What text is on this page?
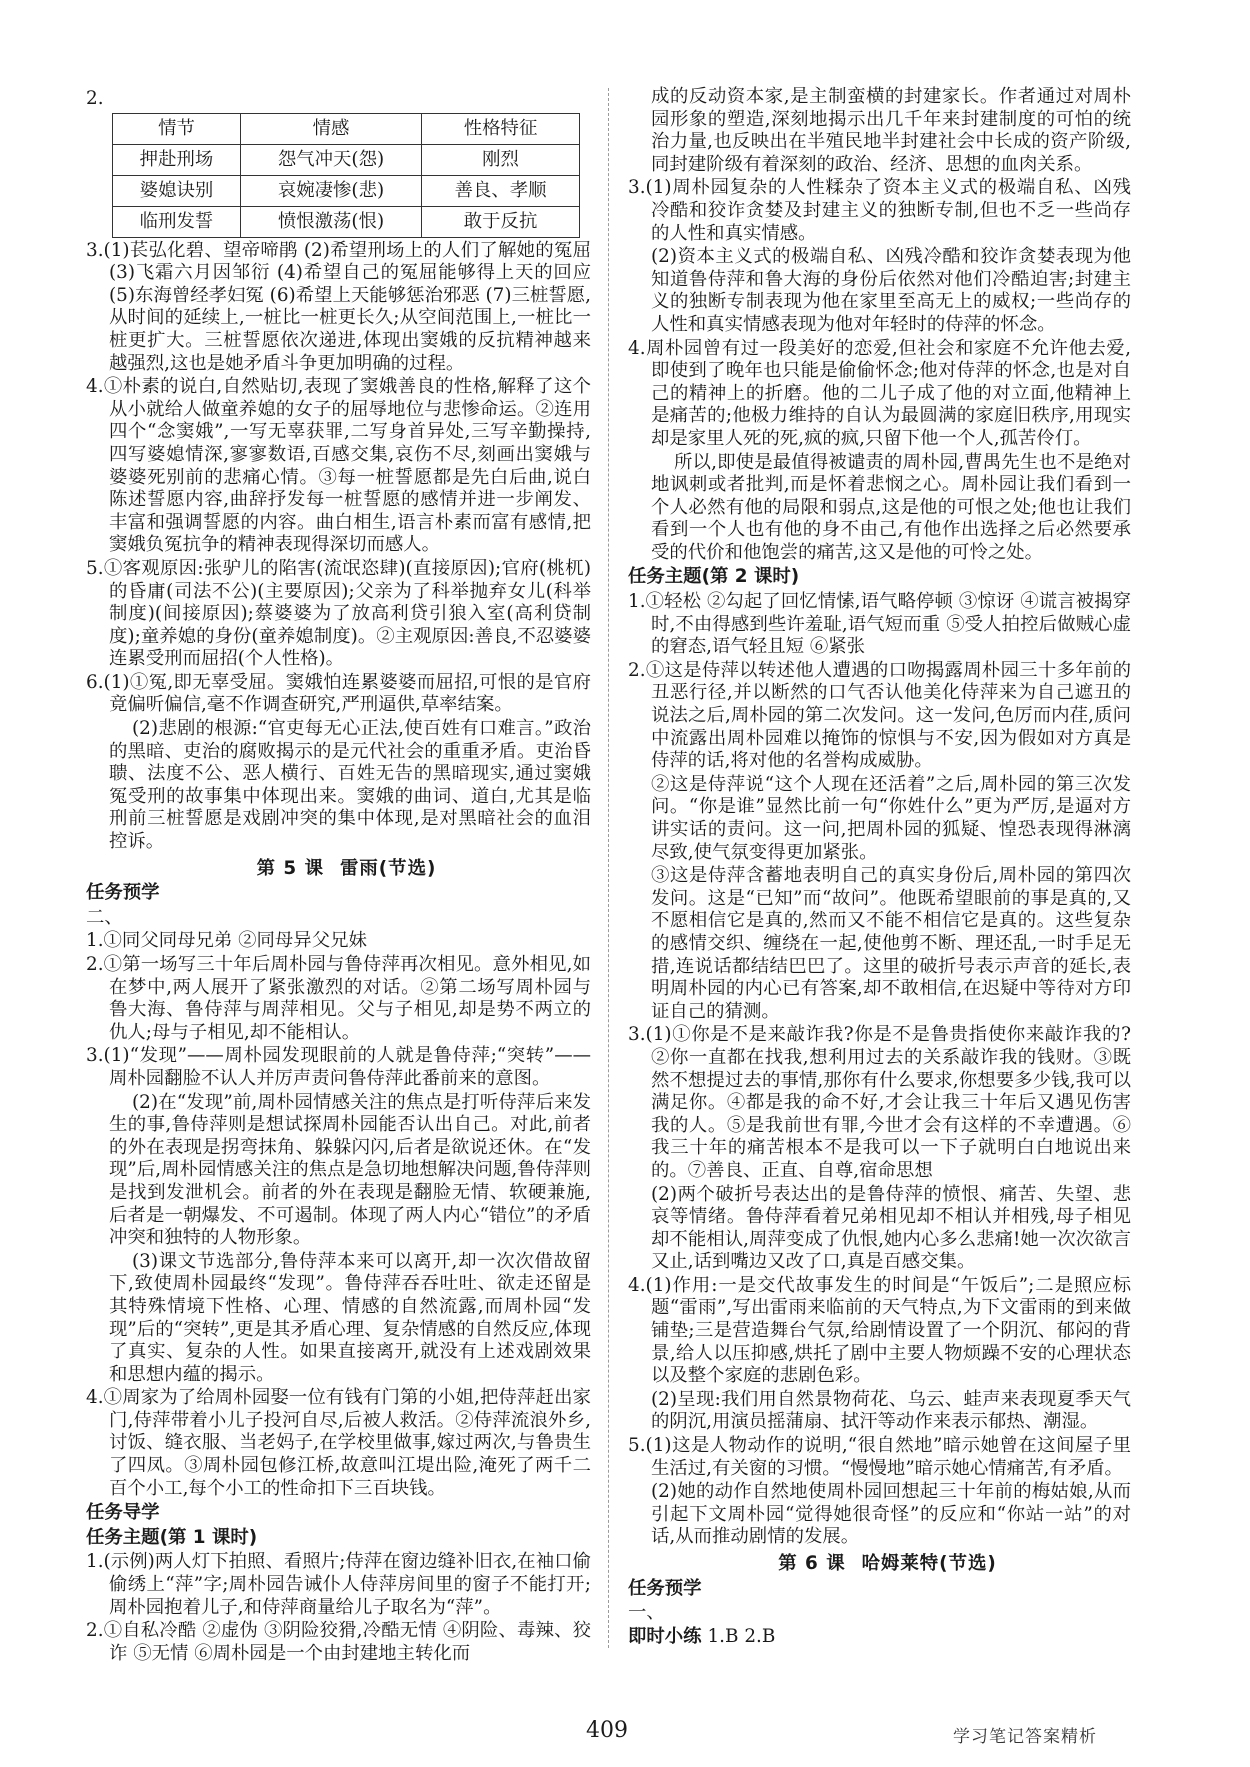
2.
情节	情感	性格特征
押赴刑场	怨气冲天(怨)	刚烈
婆媳诀别	哀婉凄惨(悲)	善良、孝顺
临刑发誓	愤恨激荡(恨)	敢于反抗
3.(1)苌弘化碧、望帝啼鹃 (2)希望刑场上的人们了解她的冤屈 (3)飞霜六月因邹衍 (4)希望自己的冤屈能够得上天的回应 (5)东海曾经孝妇冤 (6)希望上天能够惩治邪恶 (7)三桩誓愿,从时间的延续上,一桩比一桩更长久;从空间范围上,一桩比一桩更扩大。三桩誓愿依次递进,体现出窦娥的反抗精神越来越强烈,这也是她矛盾斗争更加明确的过程。
4.①朴素的说白,自然贴切,表现了窦娥善良的性格,解释了这个从小就给人做童养媳的女子的屈辱地位与悲惨命运。②连用四个“念窦娥”,一写无辜获罪,二写身首异处,三写辛勤操持,四写婆媳情深,寥寥数语,百感交集,哀伤不尽,刻画出窦娥与婆婆死别前的悲痛心情。③每一桩誓愿都是先白后曲,说白陈述誓愿内容,曲辞抒发每一桩誓愿的感情并进一步阐发、丰富和强调誓愿的内容。曲白相生,语言朴素而富有感情,把窦娥负冤抗争的精神表现得深切而感人。
5.①客观原因:张驴儿的陷害(流氓恣肆)(直接原因);官府(桃杌)的昏庸(司法不公)(主要原因);父亲为了科举抛弃女儿(科举制度)(间接原因);蔡婆婆为了放高利贷引狼入室(高利贷制度);童养媳的身份(童养媳制度)。②主观原因:善良,不忍婆婆连累受刑而屈招(个人性格)。
6.(1)①冤,即无辜受屈。窦娥怕连累婆婆而屈招,可恨的是官府竟偏听偏信,毫不作调查研究,严刑逼供,草率结案。
(2)悲剧的根源:“官吏每无心正法,使百姓有口难言。”政治的黑暗、吏治的腐败揭示的是元代社会的重重矛盾。吏治昏聩、法度不公、恶人横行、百姓无告的黑暗现实,通过窦娥冤受刑的故事集中体现出来。窦娥的曲词、道白,尤其是临刑前三桩誓愿是戏剧冲突的集中体现,是对黑暗社会的血泪控诉。
第 5 课 雷雨(节选)
任务预学
二、
1.①同父同母兄弟 ②同母异父兄妹
2.①第一场写三十年后周朴园与鲁侍萍再次相见。意外相见,如在梦中,两人展开了紧张激烈的对话。②第二场写周朴园与鲁大海、鲁侍萍与周萍相见。父与子相见,却是势不两立的仇人;母与子相见,却不能相认。
3.(1)“发现”——周朴园发现眼前的人就是鲁侍萍;“突转”——周朴园翻脸不认人并厉声责问鲁侍萍此番前来的意图。
(2)在“发现”前,周朴园情感关注的焦点是打听侍萍后来发生的事,鲁侍萍则是想试探周朴园能否认出自己。对此,前者的外在表现是拐弯抹角、躲躲闪闪,后者是欲说还休。在“发现”后,周朴园情感关注的焦点是急切地想解决问题,鲁侍萍则是找到发泄机会。前者的外在表现是翻脸无情、软硬兼施,后者是一朝爆发、不可遏制。体现了两人内心“错位”的矛盾冲突和独特的人物形象。
(3)课文节选部分,鲁侍萍本来可以离开,却一次次借故留下,致使周朴园最终“发现”。鲁侍萍吞吞吐吐、欲走还留是其特殊情境下性格、心理、情感的自然流露,而周朴园“发现”后的“突转”,更是其矛盾心理、复杂情感的自然反应,体现了真实、复杂的人性。如果直接离开,就没有上述戏剧效果和思想内蕴的揭示。
4.①周家为了给周朴园娶一位有钱有门第的小姐,把侍萍赶出家门,侍萍带着小儿子投河自尽,后被人救活。②侍萍流浪外乡,讨饭、缝衣服、当老妈子,在学校里做事,嫁过两次,与鲁贵生了四凤。③周朴园包修江桥,故意叫江堤出险,淹死了两千二百个小工,每个小工的性命扣下三百块钱。
任务导学
任务主题(第 1 课时)
1.(示例)两人灯下拍照、看照片;侍萍在窗边缝补旧衣,在袖口偷偷绣上“萍”字;周朴园告诫仆人侍萍房间里的窗子不能打开;周朴园抱着儿子,和侍萍商量给儿子取名为“萍”。
2.①自私冷酷 ②虚伪 ③阴险狡猾,冷酷无情 ④阴险、毒辣、狡诈 ⑤无情 ⑥周朴园是一个由封建地主转化而
成的反动资本家,是主制蛮横的封建家长。作者通过对周朴园形象的塑造,深刻地揭示出几千年来封建制度的可怕的统治力量,也反映出在半殖民地半封建社会中长成的资产阶级,同封建阶级有着深刻的政治、经济、思想的血肉关系。
3.(1)周朴园复杂的人性糅杂了资本主义式的极端自私、凶残冷酷和狡诈贪婪及封建主义的独断专制,但也不乏一些尚存的人性和真实情感。
(2)资本主义式的极端自私、凶残冷酷和狡诈贪婪表现为他知道鲁侍萍和鲁大海的身份后依然对他们冷酷迫害;封建主义的独断专制表现为他在家里至高无上的威权;一些尚存的人性和真实情感表现为他对年轻时的侍萍的怀念。
4.周朴园曾有过一段美好的恋爱,但社会和家庭不允许他去爱,即使到了晚年也只能是偷偷怀念;他对侍萍的怀念,也是对自己的精神上的折磨。他的二儿子成了他的对立面,他精神上是痛苦的;他极力维持的自认为最圆满的家庭旧秩序,用现实却是家里人死的死,疯的疯,只留下他一个人,孤苦伶仃。
所以,即使是最值得被谴责的周朴园,曹禺先生也不是绝对地讽刺或者批判,而是怀着悲悯之心。周朴园让我们看到一个人必然有他的局限和弱点,这是他的可恨之处;他也让我们看到一个人也有他的身不由己,有他作出选择之后必然要承受的代价和他饱尝的痛苦,这又是他的可怜之处。
任务主题(第 2 课时)
1.①轻松 ②勾起了回忆情愫,语气略停顿 ③惊讶 ④谎言被揭穿时,不由得感到些许羞耻,语气短而重 ⑤受人拍控后做贼心虚的窘态,语气轻且短 ⑥紧张
2.①这是侍萍以转述他人遭遇的口吻揭露周朴园三十多年前的丑恶行径,并以断然的口气否认他美化侍萍来为自己遮丑的说法之后,周朴园的第二次发问。这一发问,色厉而内荏,质问中流露出周朴园难以掩饰的惊惧与不安,因为假如对方真是侍萍的话,将对他的名誉构成威胁。
②这是侍萍说“这个人现在还活着”之后,周朴园的第三次发问。“你是谁”显然比前一句“你姓什么”更为严厉,是逼对方讲实话的责问。这一问,把周朴园的狐疑、惶恐表现得淋漓尽致,使气氛变得更加紧张。
③这是侍萍含蓄地表明自己的真实身份后,周朴园的第四次发问。这是“已知”而“故问”。他既希望眼前的事是真的,又不愿相信它是真的,然而又不能不相信它是真的。这些复杂的感情交织、缠绕在一起,使他剪不断、理还乱,一时手足无措,连说话都结结巴巴了。这里的破折号表示声音的延长,表明周朴园的内心已有答案,却不敢相信,在迟疑中等待对方印证自己的猜测。
3.(1)①你是不是来敲诈我?你是不是鲁贵指使你来敲诈我的?②你一直都在找我,想利用过去的关系敲诈我的钱财。③既然不想提过去的事情,那你有什么要求,你想要多少钱,我可以满足你。④都是我的命不好,才会让我三十年后又遇见伤害我的人。⑤是我前世有罪,今世才会有这样的不幸遭遇。⑥我三十年的痛苦根本不是我可以一下子就明白白地说出来的。⑦善良、正直、自尊,宿命思想
(2)两个破折号表达出的是鲁侍萍的愤恨、痛苦、失望、悲哀等情绪。鲁侍萍看着兄弟相见却不相认并相残,母子相见却不能相认,周萍变成了仇恨,她内心多么悲痛!她一次次欲言又止,话到嘴边又改了口,真是百感交集。
4.(1)作用:一是交代故事发生的时间是“午饭后”;二是照应标题“雷雨”,写出雷雨来临前的天气特点,为下文雷雨的到来做铺垫;三是营造舞台气氛,给剧情设置了一个阴沉、郁闷的背景,给人以压抑感,烘托了剧中主要人物烦躁不安的心理状态以及整个家庭的悲剧色彩。
(2)呈现:我们用自然景物荷花、乌云、蛙声来表现夏季天气的阴沉,用演员摇蒲扇、拭汗等动作来表示郁热、潮湿。
5.(1)这是人物动作的说明,“很自然地”暗示她曾在这间屋子里生活过,有关窗的习惯。“慢慢地”暗示她心情痛苦,有矛盾。
(2)她的动作自然地使周朴园回想起三十年前的梅姑娘,从而引起下文周朴园“觉得她很奇怪”的反应和“你站一站”的对话,从而推动剧情的发展。
第 6 课 哈姆莱特(节选)
任务预学
一、
即时小练 1.B 2.B
409	学习笔记答案精析
